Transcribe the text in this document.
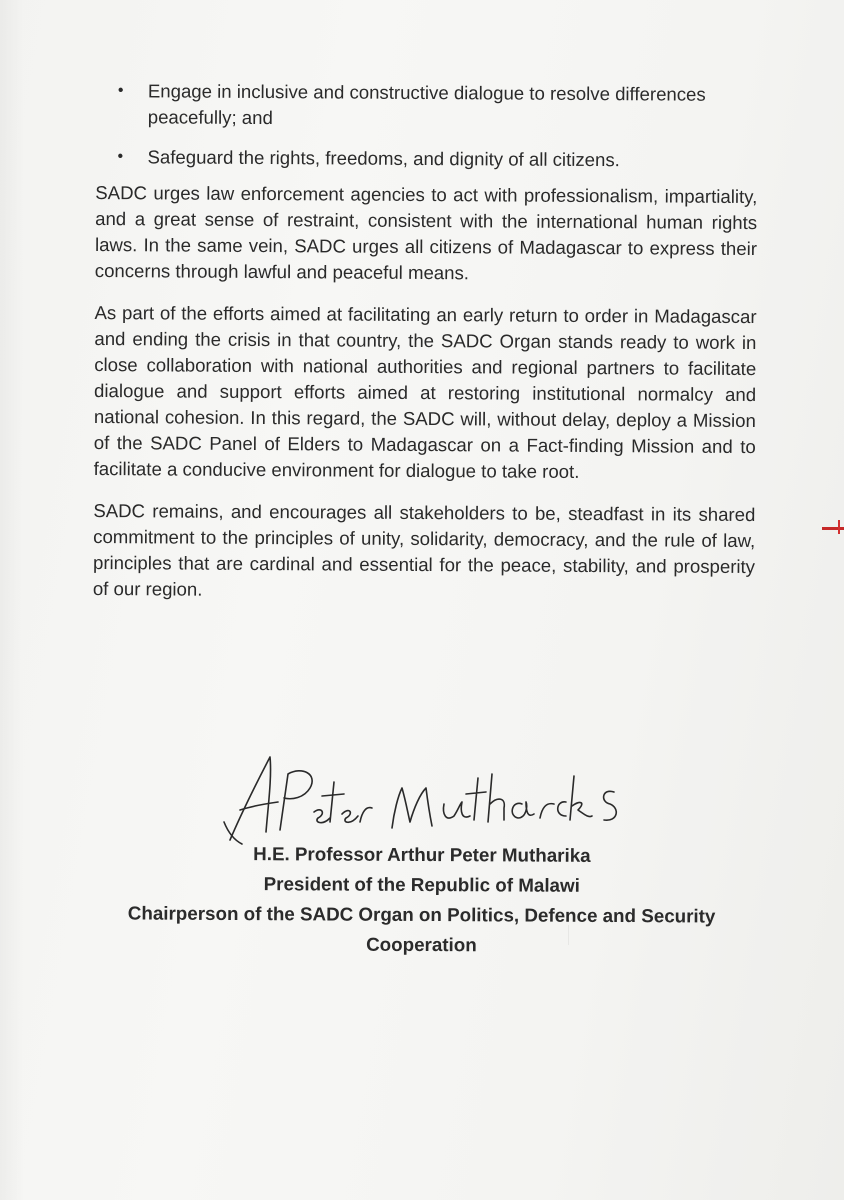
• Engage in inclusive and constructive dialogue to resolve differences peacefully; and
• Safeguard the rights, freedoms, and dignity of all citizens.

SADC urges law enforcement agencies to act with professionalism, impartiality, and a great sense of restraint, consistent with the international human rights laws. In the same vein, SADC urges all citizens of Madagascar to express their concerns through lawful and peaceful means.

As part of the efforts aimed at facilitating an early return to order in Madagascar and ending the crisis in that country, the SADC Organ stands ready to work in close collaboration with national authorities and regional partners to facilitate dialogue and support efforts aimed at restoring institutional normalcy and national cohesion. In this regard, the SADC will, without delay, deploy a Mission of the SADC Panel of Elders to Madagascar on a Fact-finding Mission and to facilitate a conducive environment for dialogue to take root.

SADC remains, and encourages all stakeholders to be, steadfast in its shared commitment to the principles of unity, solidarity, democracy, and the rule of law, principles that are cardinal and essential for the peace, stability, and prosperity of our region.

H.E. Professor Arthur Peter Mutharika
President of the Republic of Malawi
Chairperson of the SADC Organ on Politics, Defence and Security Cooperation
